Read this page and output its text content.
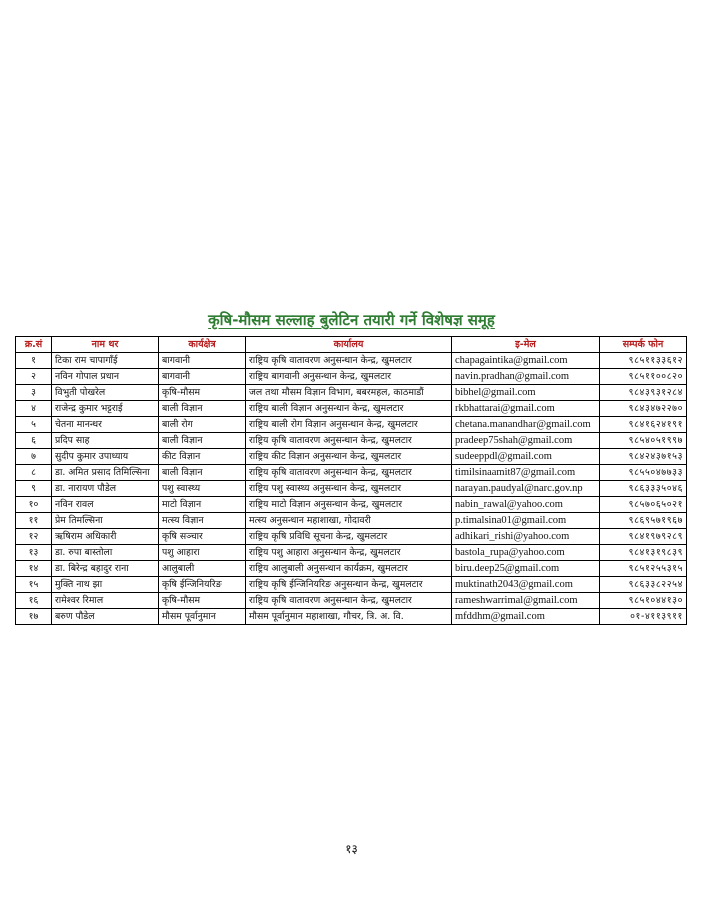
कृषि-मौसम सल्लाह बुलेटिन तयारी गर्ने विशेषज्ञ समूह
क्र.सं	नाम थर	कार्यक्षेत्र	कार्यालय	इ-मेल	सम्पर्क फोन
१	टिका राम चापागाँई	बागवानी	राष्ट्रिय कृषि वातावरण अनुसन्धान केन्द्र, खुमलटार	chapagaintika@gmail.com	९८५११३३६१२
२	नविन गोपाल प्रधान	बागवानी	राष्ट्रिय बागवानी अनुसन्धान केन्द्र, खुमलटार	navin.pradhan@gmail.com	९८५११००८२०
३	विभुती पोखरेल	कृषि-मौसम	जल तथा मौसम विज्ञान विभाग, बबरमहल, काठमाडौं	bibhel@gmail.com	९८४३९३१२८४
४	राजेन्द्र कुमार भट्टराई	बाली विज्ञान	राष्ट्रिय बाली विज्ञान अनुसन्धान केन्द्र, खुमलटार	rkbhattarai@gmail.com	९८४३४७२२७०
५	चेतना मानन्धर	बाली रोग	राष्ट्रिय बाली रोग विज्ञान अनुसन्धान केन्द्र, खुमलटार	chetana.manandhar@gmail.com	९८४१६२४१९१
६	प्रदिप साह	बाली विज्ञान	राष्ट्रिय कृषि वातावरण अनुसन्धान केन्द्र, खुमलटार	pradeep75shah@gmail.com	९८५४०५१९९७
७	सुदीप कुमार उपाध्याय	कीट विज्ञान	राष्ट्रिय कीट विज्ञान अनुसन्धान केन्द्र, खुमलटार	sudeeppdl@gmail.com	९८४२४३७१५३
८	डा. अमित प्रसाद तिमिल्सिना	बाली विज्ञान	राष्ट्रिय कृषि वातावरण अनुसन्धान केन्द्र, खुमलटार	timilsinaamit87@gmail.com	९८५५०४७७३३
९	डा. नारायण पौडेल	पशु स्वास्थ्य	राष्ट्रिय पशु स्वास्थ्य अनुसन्धान केन्द्र, खुमलटार	narayan.paudyal@narc.gov.np	९८६३३३५०४६
१०	नविन रावल	माटो विज्ञान	राष्ट्रिय माटो विज्ञान अनुसन्धान केन्द्र, खुमलटार	nabin_rawal@yahoo.com	९८५७०६५०२१
११	प्रेम तिमल्सिना	मत्स्य विज्ञान	मत्स्य अनुसन्धान महाशाखा, गोदावरी	p.timalsina01@gmail.com	९८६९५७१९६७
१२	ऋषिराम अधिकारी	कृषि सञ्चार	राष्ट्रिय कृषि प्रविधि सूचना केन्द्र, खुमलटार	adhikari_rishi@yahoo.com	९८४१९७९२८९
१३	डा. रुपा बास्तोला	पशु आहारा	राष्ट्रिय पशु आहारा अनुसन्धान केन्द्र, खुमलटार	bastola_rupa@yahoo.com	९८४१३१९८३९
१४	डा. बिरेन्द्र बहादुर राना	आलुबाली	राष्ट्रिय आलुबाली अनुसन्धान कार्यक्रम, खुमलटार	biru.deep25@gmail.com	९८५१२५५३१५
१५	मुक्ति नाथ झा	कृषि ईन्जिनियरिङ	राष्ट्रिय कृषि ईन्जिनियरिङ अनुसन्धान केन्द्र, खुमलटार	muktinath2043@gmail.com	९८६३३८२२५४
१६	रामेश्वर रिमाल	कृषि-मौसम	राष्ट्रिय कृषि वातावरण अनुसन्धान केन्द्र, खुमलटार	rameshwarrimal@gmail.com	९८५१०४४१३०
१७	बरुण पौडेल	मौसम पूर्वानुमान	मौसम पूर्वानुमान महाशाखा, गौचर, त्रि. अ. वि.	mfddhm@gmail.com	०१-४११३९११
१३
